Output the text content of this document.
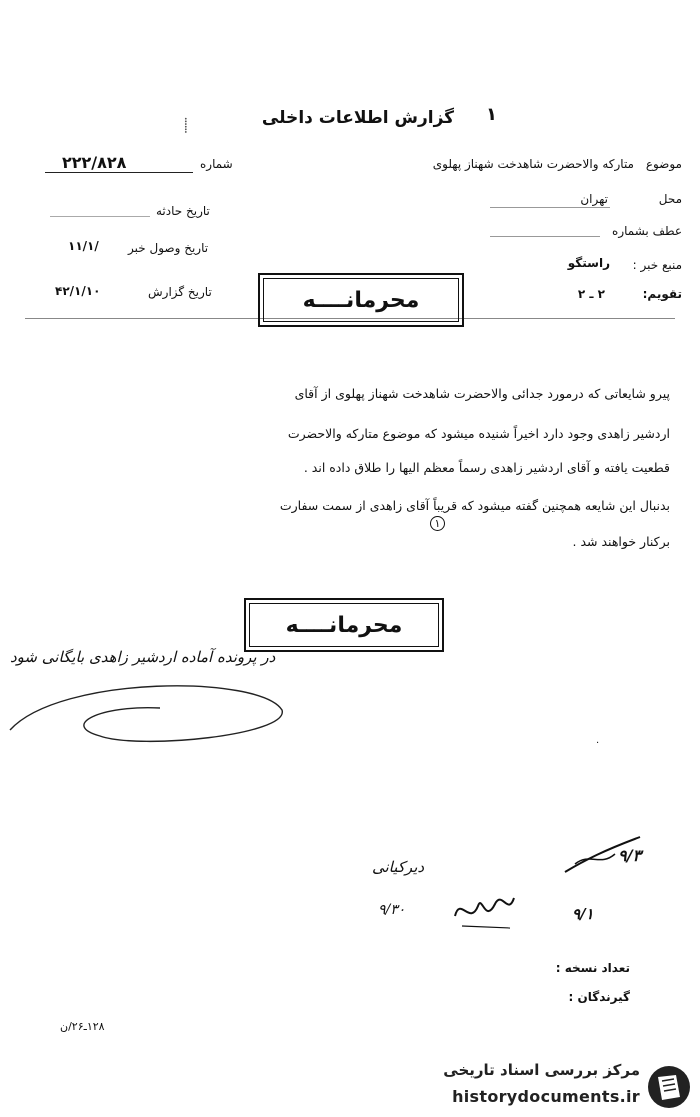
۱
گزارش اطلاعات داخلی
⸽
موضوع
متارکه والاحضرت شاهدخت شهناز پهلوی
محل
تهران
عطف بشماره
منبع خبر :
راستگو
تقویم:
۲ ـ ۲
شماره
۲۲۲/۸۲۸
تاریخ حادثه
تاریخ وصول خبر
۱۱/۱/
تاریخ گزارش
۴۲/۱/۱۰	محرمانــــه
پیرو شایعاتی که درمورد جدائی والاحضرت شاهدخت شهناز پهلوی از آقای
اردشیر زاهدی وجود دارد اخیراً شنیده میشود که موضوع متارکه والاحضرت
قطعیت یافته و آقای اردشیر زاهدی رسماً معظم الیها را طلاق داده اند .
بدنبال این شایعه همچنین گفته میشود که قریباً آقای زاهدی از سمت سفارت
برکنار خواهند شد .
۱
محرمانــــه
در پرونده آماده اردشیر زاهدی بایگانی شود
·
دیرکیانی
۹/۳۰
۹/۳
۹/۱
تعداد نسخه :
گیرندگان :
۱۲۸ـ۲۶/ن
مرکز بررسی اسناد تاریخی
historydocuments.ir
